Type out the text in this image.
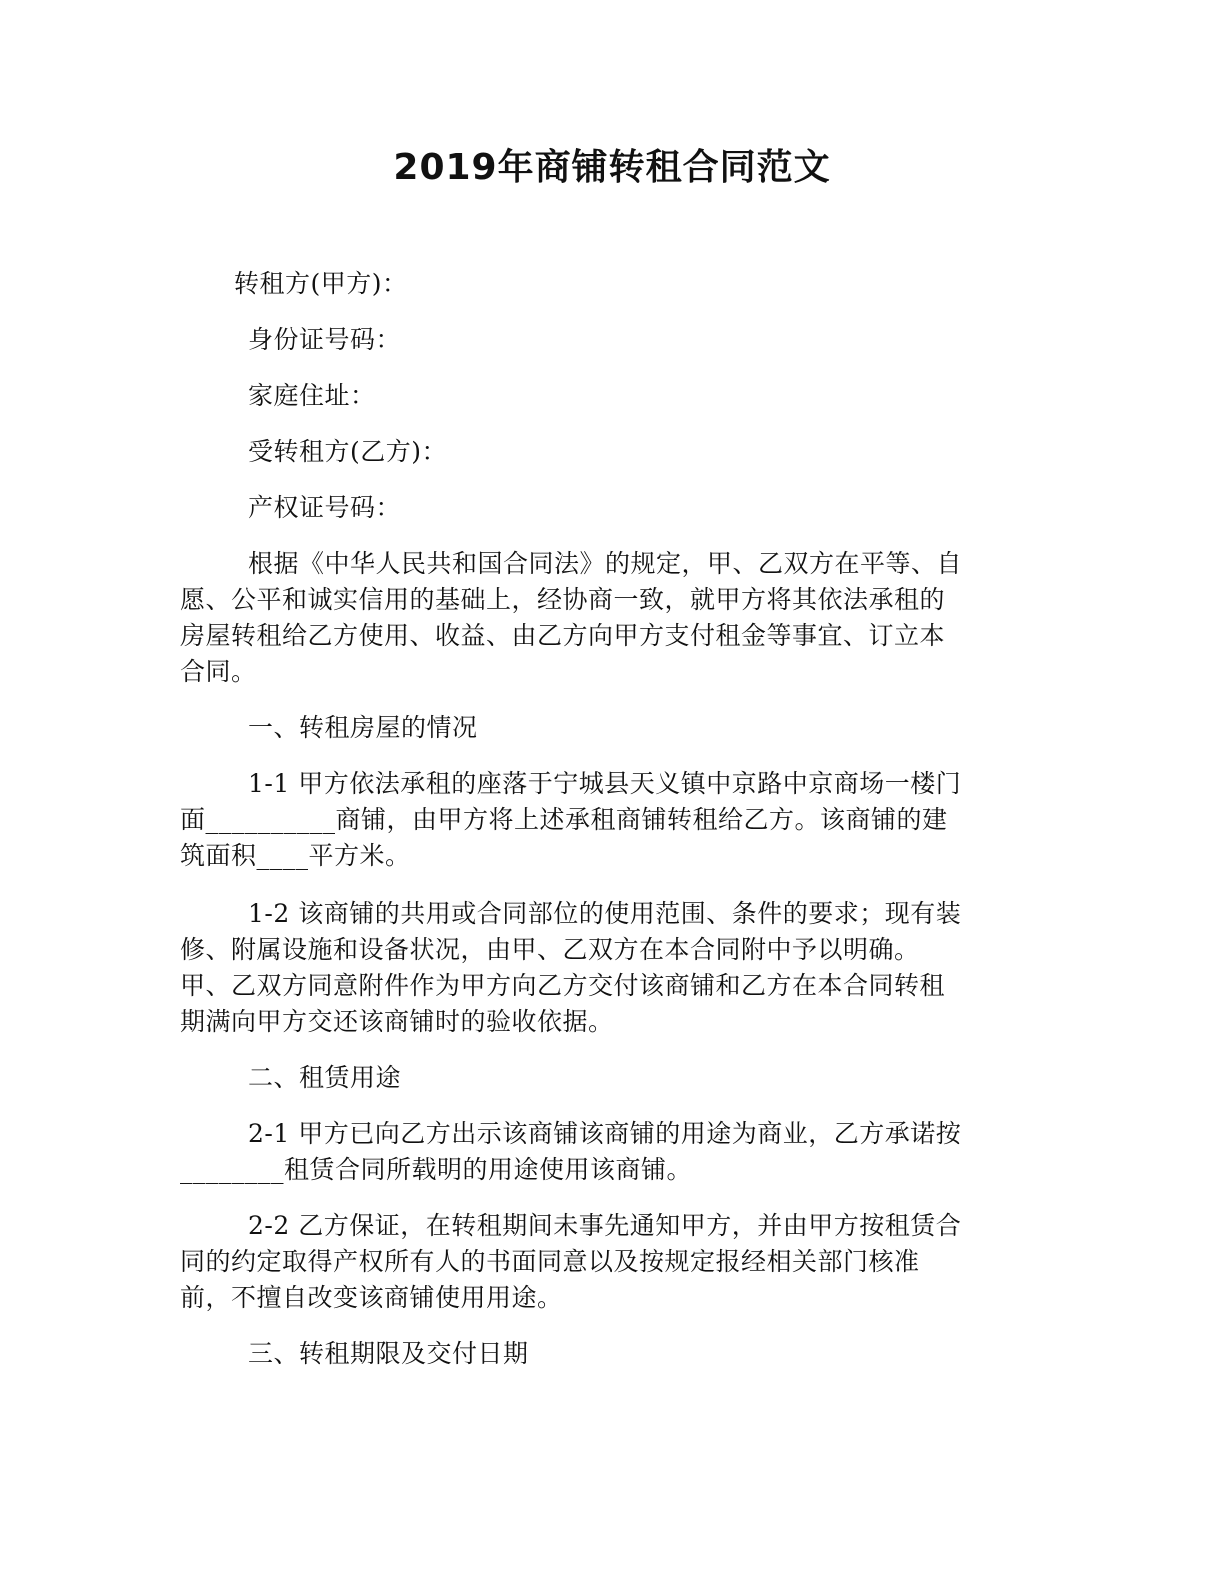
2019年商铺转租合同范文
转租方(甲方)：
身份证号码：
家庭住址：
受转租方(乙方)：
产权证号码：
根据《中华人民共和国合同法》的规定，甲、乙双方在平等、自
愿、公平和诚实信用的基础上，经协商一致，就甲方将其依法承租的
房屋转租给乙方使用、收益、由乙方向甲方支付租金等事宜、订立本
合同。
一、转租房屋的情况
1-1 甲方依法承租的座落于宁城县天义镇中京路中京商场一楼门
面__________商铺，由甲方将上述承租商铺转租给乙方。该商铺的建
筑面积____平方米。
1-2 该商铺的共用或合同部位的使用范围、条件的要求；现有装
修、附属设施和设备状况，由甲、乙双方在本合同附中予以明确。
甲、乙双方同意附件作为甲方向乙方交付该商铺和乙方在本合同转租
期满向甲方交还该商铺时的验收依据。
二、租赁用途
2-1 甲方已向乙方出示该商铺该商铺的用途为商业，乙方承诺按
________租赁合同所载明的用途使用该商铺。
2-2 乙方保证，在转租期间未事先通知甲方，并由甲方按租赁合
同的约定取得产权所有人的书面同意以及按规定报经相关部门核准
前，不擅自改变该商铺使用用途。
三、转租期限及交付日期
